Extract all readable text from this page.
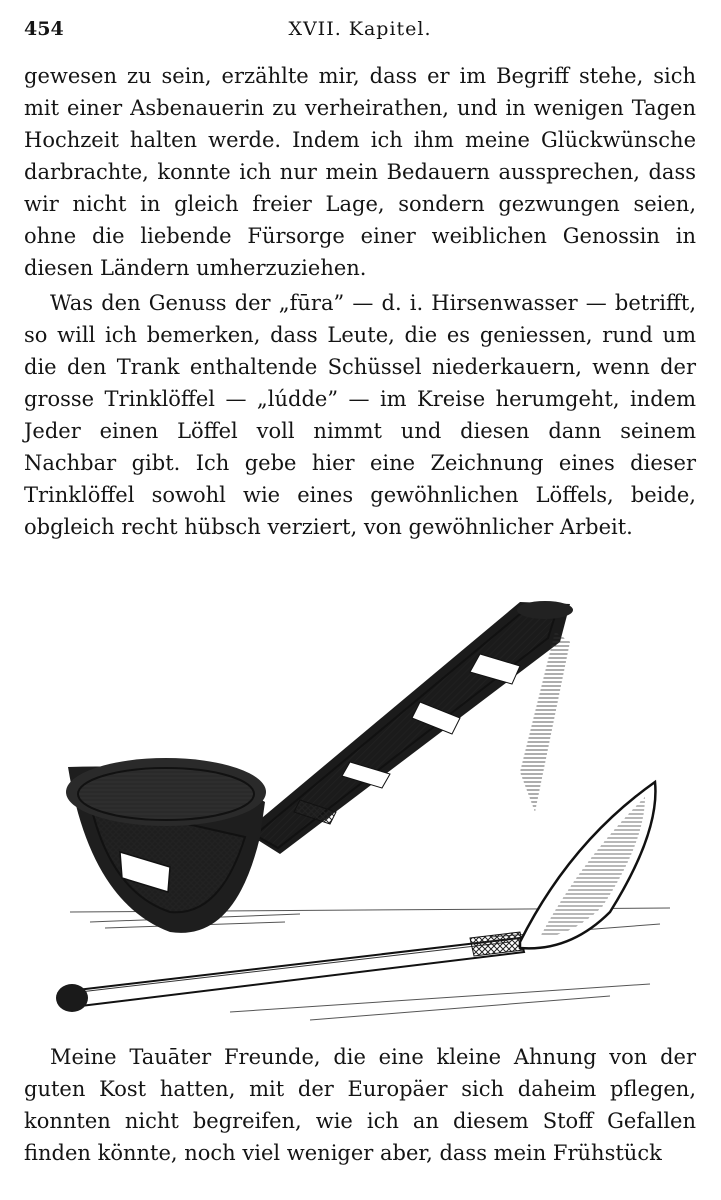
454	XVII. Kapitel.

gewesen zu sein, erzählte mir, dass er im Begriff stehe, sich mit einer Asbenauerin zu verheirathen, und in wenigen Tagen Hochzeit halten werde. Indem ich ihm meine Glückwünsche darbrachte, konnte ich nur mein Bedauern aussprechen, dass wir nicht in gleich freier Lage, sondern gezwungen seien, ohne die liebende Fürsorge einer weiblichen Genossin in diesen Ländern umherzuziehen.

Was den Genuss der „fūra” — d. i. Hirsenwasser — betrifft, so will ich bemerken, dass Leute, die es geniessen, rund um die den Trank enthaltende Schüssel niederkauern, wenn der grosse Trinklöffel — „lúdde” — im Kreise herumgeht, indem Jeder einen Löffel voll nimmt und diesen dann seinem Nachbar gibt. Ich gebe hier eine Zeichnung eines dieser Trinklöffel sowohl wie eines gewöhnlichen Löffels, beide, obgleich recht hübsch verziert, von gewöhnlicher Arbeit.

Meine Tauāter Freunde, die eine kleine Ahnung von der guten Kost hatten, mit der Europäer sich daheim pflegen, konnten nicht begreifen, wie ich an diesem Stoff Gefallen finden könnte, noch viel weniger aber, dass mein Frühstück
